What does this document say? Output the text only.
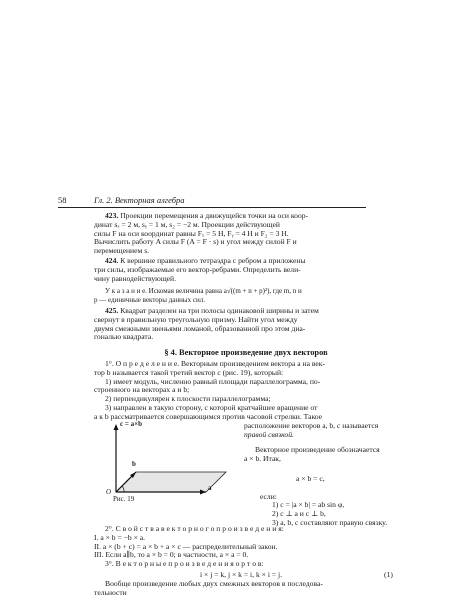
58	Гл. 2. Векторная алгебра

423. Проекции перемещения a движущейся точки на оси коор-

динат sₓ = 2 м, sᵧ = 1 м, s₂ = −2 м. Проекции действующей

силы F на оси координат равны Fₓ = 5 Н, Fᵧ = 4 Н и F₂ = 3 Н.

Вычислить работу A силы F (A = F · s) и угол между силой F и

перемещением s.

424. К вершине правильного тетраэдра с ребром a приложены

три силы, изображаемые его вектор-ребрами. Определить вели-

чину равнодействующей.

У к а з а н и е. Искомая величина равна a√((m + n + p)²), где m, n и

p — единичные векторы данных сил.

425. Квадрат разделен на три полосы одинаковой ширины и затем

свернут в правильную треугольную призму. Найти угол между

двумя смежными звеньями ломаной, образованной про этом диа-

гональю квадрата.

§ 4. Векторное произведение двух векторов

1°. О п р е д е л е н и е. Векторным произведением вектора a на век-

тор b называется такой третий вектор c (рис. 19), который:

1) имеет модуль, численно равный площади параллелограмма, по-

строенного на векторах a и b;

2) перпендикулярен к плоскости параллелограмма;

3) направлен в такую сторону, с которой кратчайшее вращение от

a к b рассматривается совершающимся против часовой стрелки. Такое

расположение векторов a, b, c называется

правой связкой.

c = a×b
b
a
O
Рис. 19

Векторное произведение обозначается

a × b. Итак,

a × b = c,
если:
1) c = |a × b| = ab sin φ,
2) c ⊥ a и c ⊥ b,
3) a, b, c составляют правую связку.

2°. С в о й с т в а в е к т о р н о г о п р о и з в е д е н и я:

I. a × b = −b × a.

II. a × (b + c) = a × b + a × c — распределительный закон.

III. Если a∥b, то a × b = 0; в частности, a × a = 0.

3°. В е к т о р н ы е п р о и з в е д е н и я о р т о в:

i × j = k, j × k = i, k × i = j.	(1)

Вообще произведение любых двух смежных векторов в последова-

тельности
